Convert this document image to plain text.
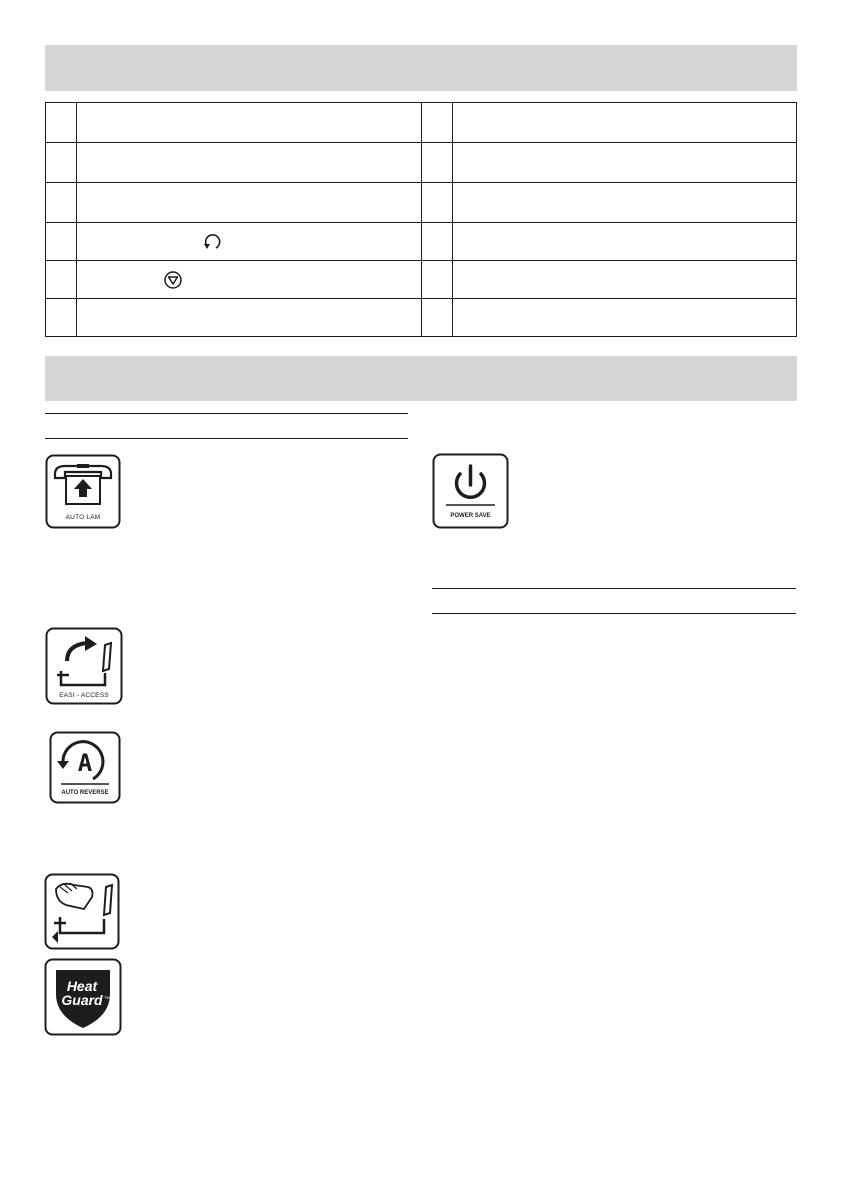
AUTO LAM
EASI - ACCESS
A
AUTO REVERSE
Heat
Guard TM
POWER SAVE
